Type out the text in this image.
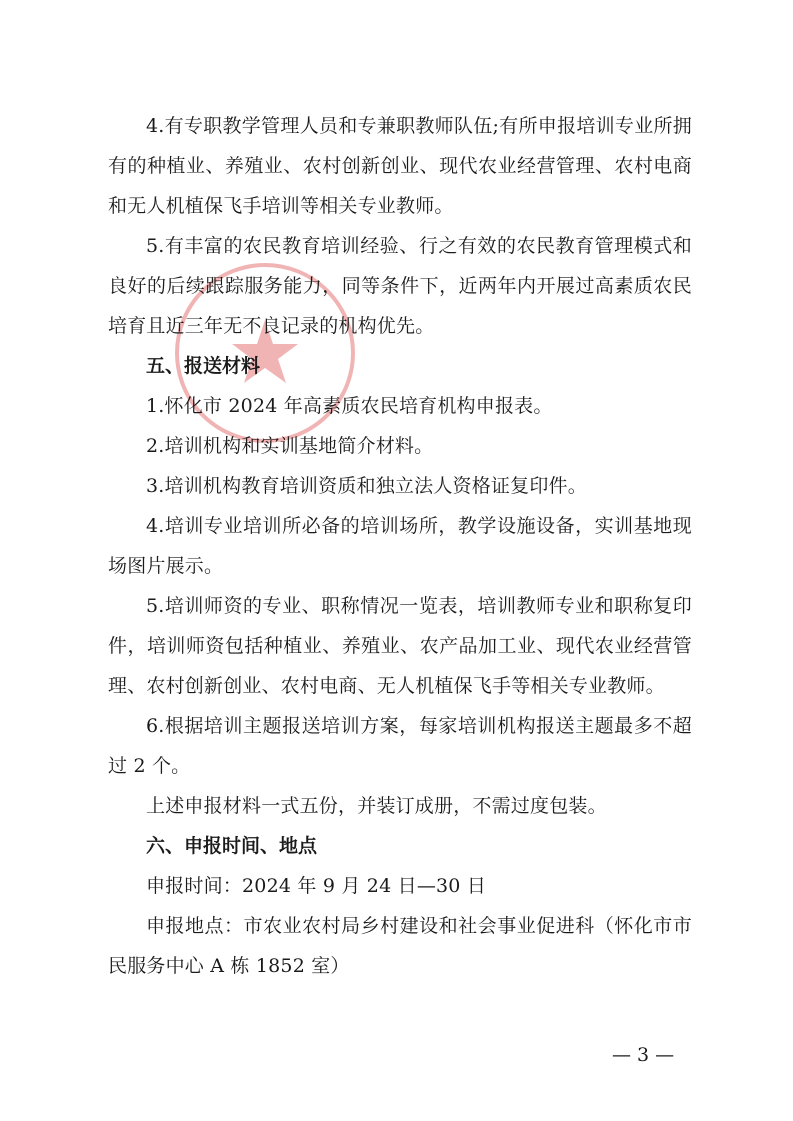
4.有专职教学管理人员和专兼职教师队伍;有所申报培训专业所拥有的种植业、养殖业、农村创新创业、现代农业经营管理、农村电商和无人机植保飞手培训等相关专业教师。

5.有丰富的农民教育培训经验、行之有效的农民教育管理模式和良好的后续跟踪服务能力，同等条件下，近两年内开展过高素质农民培育且近三年无不良记录的机构优先。

五、报送材料

1.怀化市 2024 年高素质农民培育机构申报表。

2.培训机构和实训基地简介材料。

3.培训机构教育培训资质和独立法人资格证复印件。

4.培训专业培训所必备的培训场所，教学设施设备，实训基地现场图片展示。

5.培训师资的专业、职称情况一览表，培训教师专业和职称复印件，培训师资包括种植业、养殖业、农产品加工业、现代农业经营管理、农村创新创业、农村电商、无人机植保飞手等相关专业教师。

6.根据培训主题报送培训方案，每家培训机构报送主题最多不超过 2 个。

上述申报材料一式五份，并装订成册，不需过度包装。

六、申报时间、地点

申报时间：2024 年 9 月 24 日—30 日

申报地点：市农业农村局乡村建设和社会事业促进科（怀化市市民服务中心 A 栋 1852 室）

— 3 —
